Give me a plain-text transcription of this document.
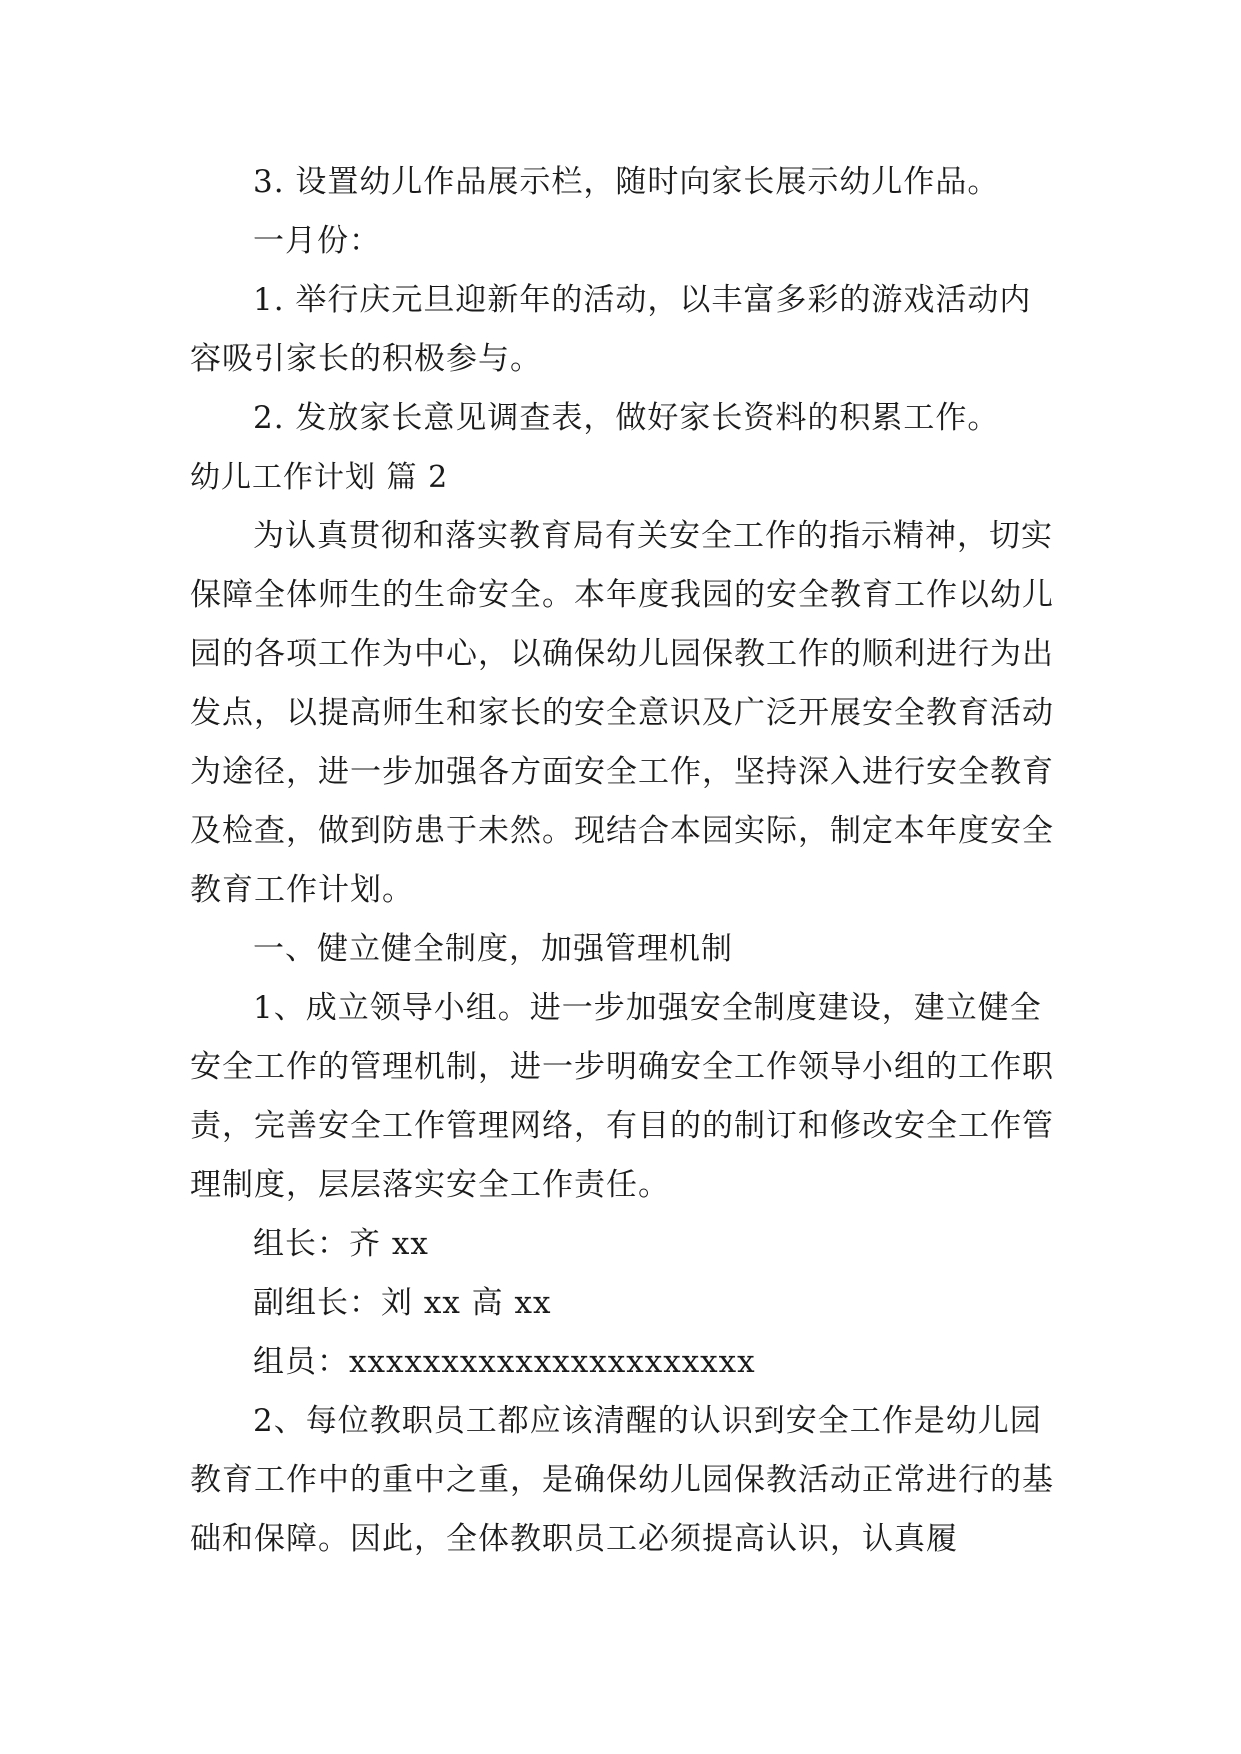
3. 设置幼儿作品展示栏，随时向家长展示幼儿作品。

一月份：

1. 举行庆元旦迎新年的活动，以丰富多彩的游戏活动内容吸引家长的积极参与。

2. 发放家长意见调查表，做好家长资料的积累工作。

幼儿工作计划 篇 2

为认真贯彻和落实教育局有关安全工作的指示精神，切实保障全体师生的生命安全。本年度我园的安全教育工作以幼儿园的各项工作为中心，以确保幼儿园保教工作的顺利进行为出发点，以提高师生和家长的安全意识及广泛开展安全教育活动为途径，进一步加强各方面安全工作，坚持深入进行安全教育及检查，做到防患于未然。现结合本园实际，制定本年度安全教育工作计划。

一、健立健全制度，加强管理机制

1、成立领导小组。进一步加强安全制度建设，建立健全安全工作的管理机制，进一步明确安全工作领导小组的工作职责，完善安全工作管理网络，有目的的制订和修改安全工作管理制度，层层落实安全工作责任。

组长：齐 xx

副组长：刘 xx 高 xx

组员：xxxxxxxxxxxxxxxxxxxxxx

2、每位教职员工都应该清醒的认识到安全工作是幼儿园教育工作中的重中之重，是确保幼儿园保教活动正常进行的基础和保障。因此，全体教职员工必须提高认识，认真履
